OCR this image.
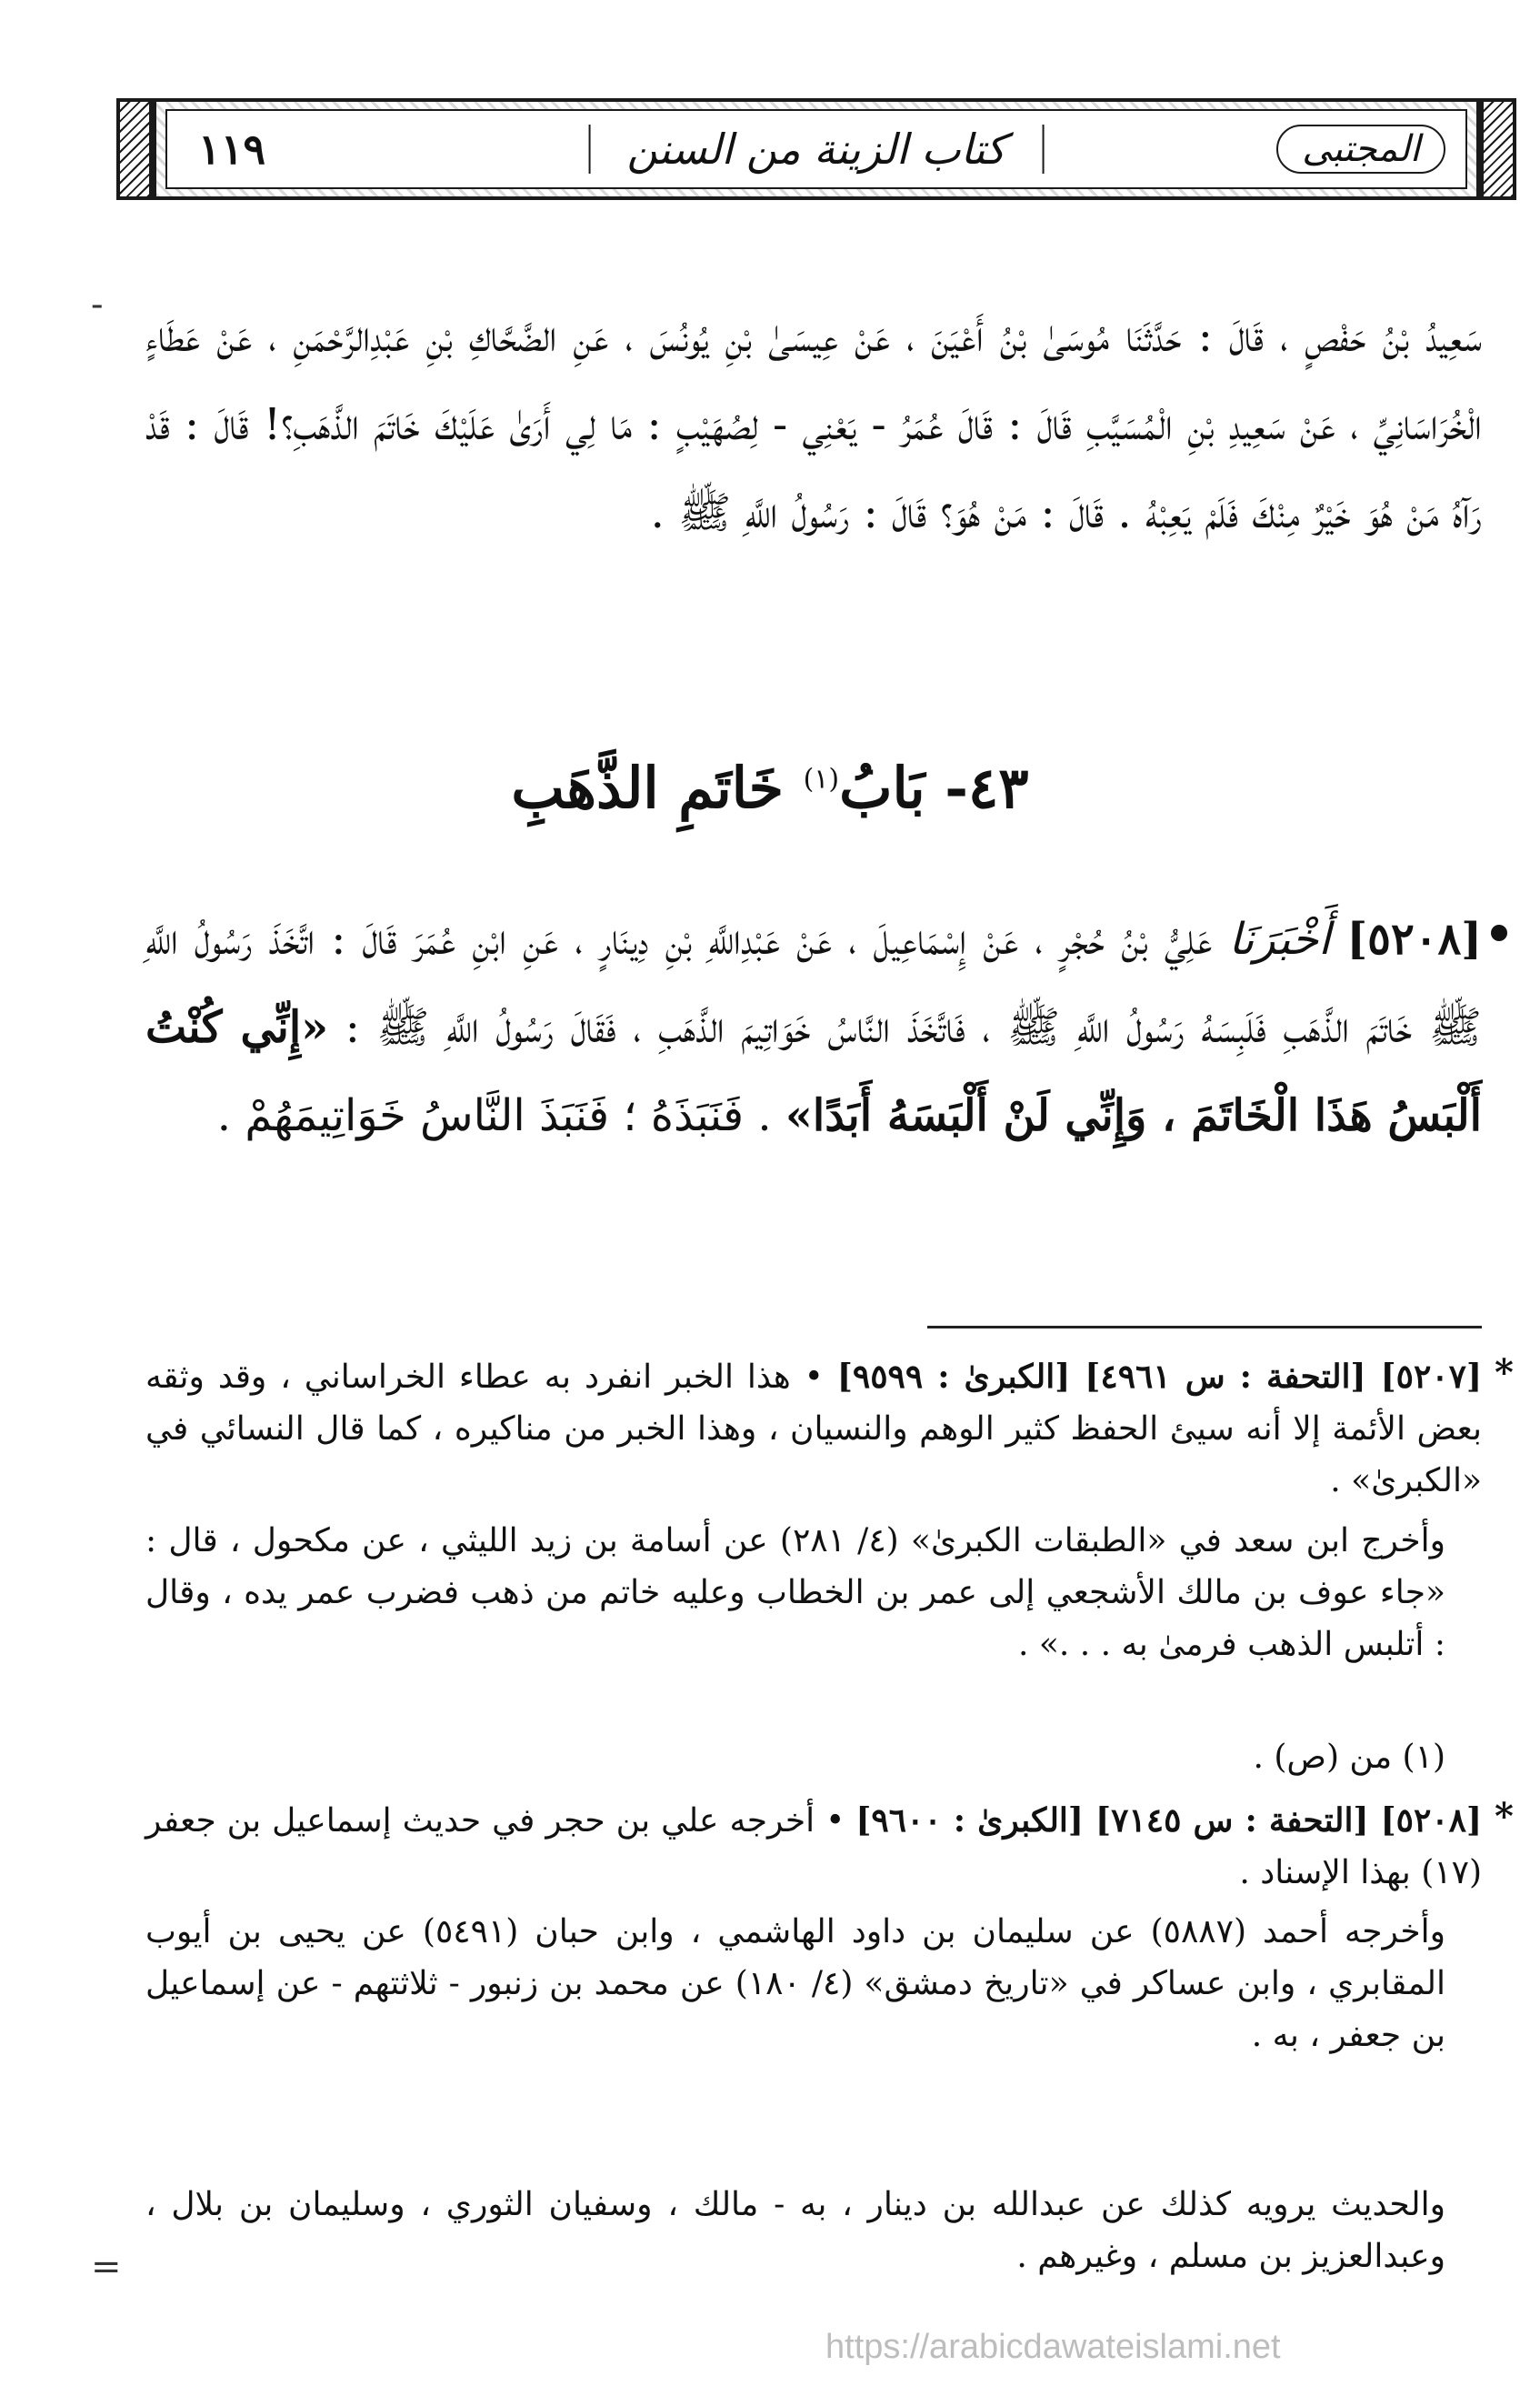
١١٩	كتاب الزينة من السنن	المجتبى
-
سَعِيدُ بْنُ حَفْصٍ ، قَالَ : حَدَّثَنَا مُوسَىٰ بْنُ أَعْيَنَ ، عَنْ عِيسَىٰ بْنِ يُونُسَ ، عَنِ الضَّحَّاكِ بْنِ عَبْدِالرَّحْمَنِ ، عَنْ عَطَاءٍ الْخُرَاسَانِيِّ ، عَنْ سَعِيدِ بْنِ الْمُسَيَّبِ قَالَ : قَالَ عُمَرُ - يَعْنِي - لِصُهَيْبٍ : مَا لِي أَرَىٰ عَلَيْكَ خَاتَمَ الذَّهَبِ؟! قَالَ : قَدْ رَآهُ مَنْ هُوَ خَيْرٌ مِنْكَ فَلَمْ يَعِبْهُ . قَالَ : مَنْ هُوَ؟ قَالَ : رَسُولُ اللَّهِ ﷺ .
٤٣- بَابُ$^{(١)}$ خَاتَمِ الذَّهَبِ
[٥٢٠٨] أَخْبَرَنَا عَلِيُّ بْنُ حُجْرٍ ، عَنْ إِسْمَاعِيلَ ، عَنْ عَبْدِاللَّهِ بْنِ دِينَارٍ ، عَنِ ابْنِ عُمَرَ قَالَ : اتَّخَذَ رَسُولُ اللَّهِ ﷺ خَاتَمَ الذَّهَبِ فَلَبِسَهُ رَسُولُ اللَّهِ ﷺ ، فَاتَّخَذَ النَّاسُ خَوَاتِيمَ الذَّهَبِ ، فَقَالَ رَسُولُ اللَّهِ ﷺ : «إِنِّي كُنْتُ أَلْبَسُ هَذَا الْخَاتَمَ ، وَإِنِّي لَنْ أَلْبَسَهُ أَبَدًا» . فَنَبَذَهُ ؛ فَنَبَذَ النَّاسُ خَوَاتِيمَهُمْ .
*
[٥٢٠٧] [التحفة : س ٤٩٦١] [الكبرىٰ : ٩٥٩٩] • هذا الخبر انفرد به عطاء الخراساني ، وقد وثقه بعض الأئمة إلا أنه سيئ الحفظ كثير الوهم والنسيان ، وهذا الخبر من مناكيره ، كما قال النسائي في «الكبرىٰ» .
وأخرج ابن سعد في «الطبقات الكبرىٰ» (٤/ ٢٨١) عن أسامة بن زيد الليثي ، عن مكحول ، قال : «جاء عوف بن مالك الأشجعي إلى عمر بن الخطاب وعليه خاتم من ذهب فضرب عمر يده ، وقال : أتلبس الذهب فرمىٰ به . . .» .
(١) من (ص) .
*
[٥٢٠٨] [التحفة : س ٧١٤٥] [الكبرىٰ : ٩٦٠٠] • أخرجه علي بن حجر في حديث إسماعيل بن جعفر (١٧) بهذا الإسناد .
وأخرجه أحمد (٥٨٨٧) عن سليمان بن داود الهاشمي ، وابن حبان (٥٤٩١) عن يحيى بن أيوب المقابري ، وابن عساكر في «تاريخ دمشق» (٤/ ١٨٠) عن محمد بن زنبور - ثلاثتهم - عن إسماعيل بن جعفر ، به .
والحديث يرويه كذلك عن عبدالله بن دينار ، به - مالك ، وسفيان الثوري ، وسليمان بن بلال ، وعبدالعزيز بن مسلم ، وغيرهم .
=
https://arabicdawateislami.net
